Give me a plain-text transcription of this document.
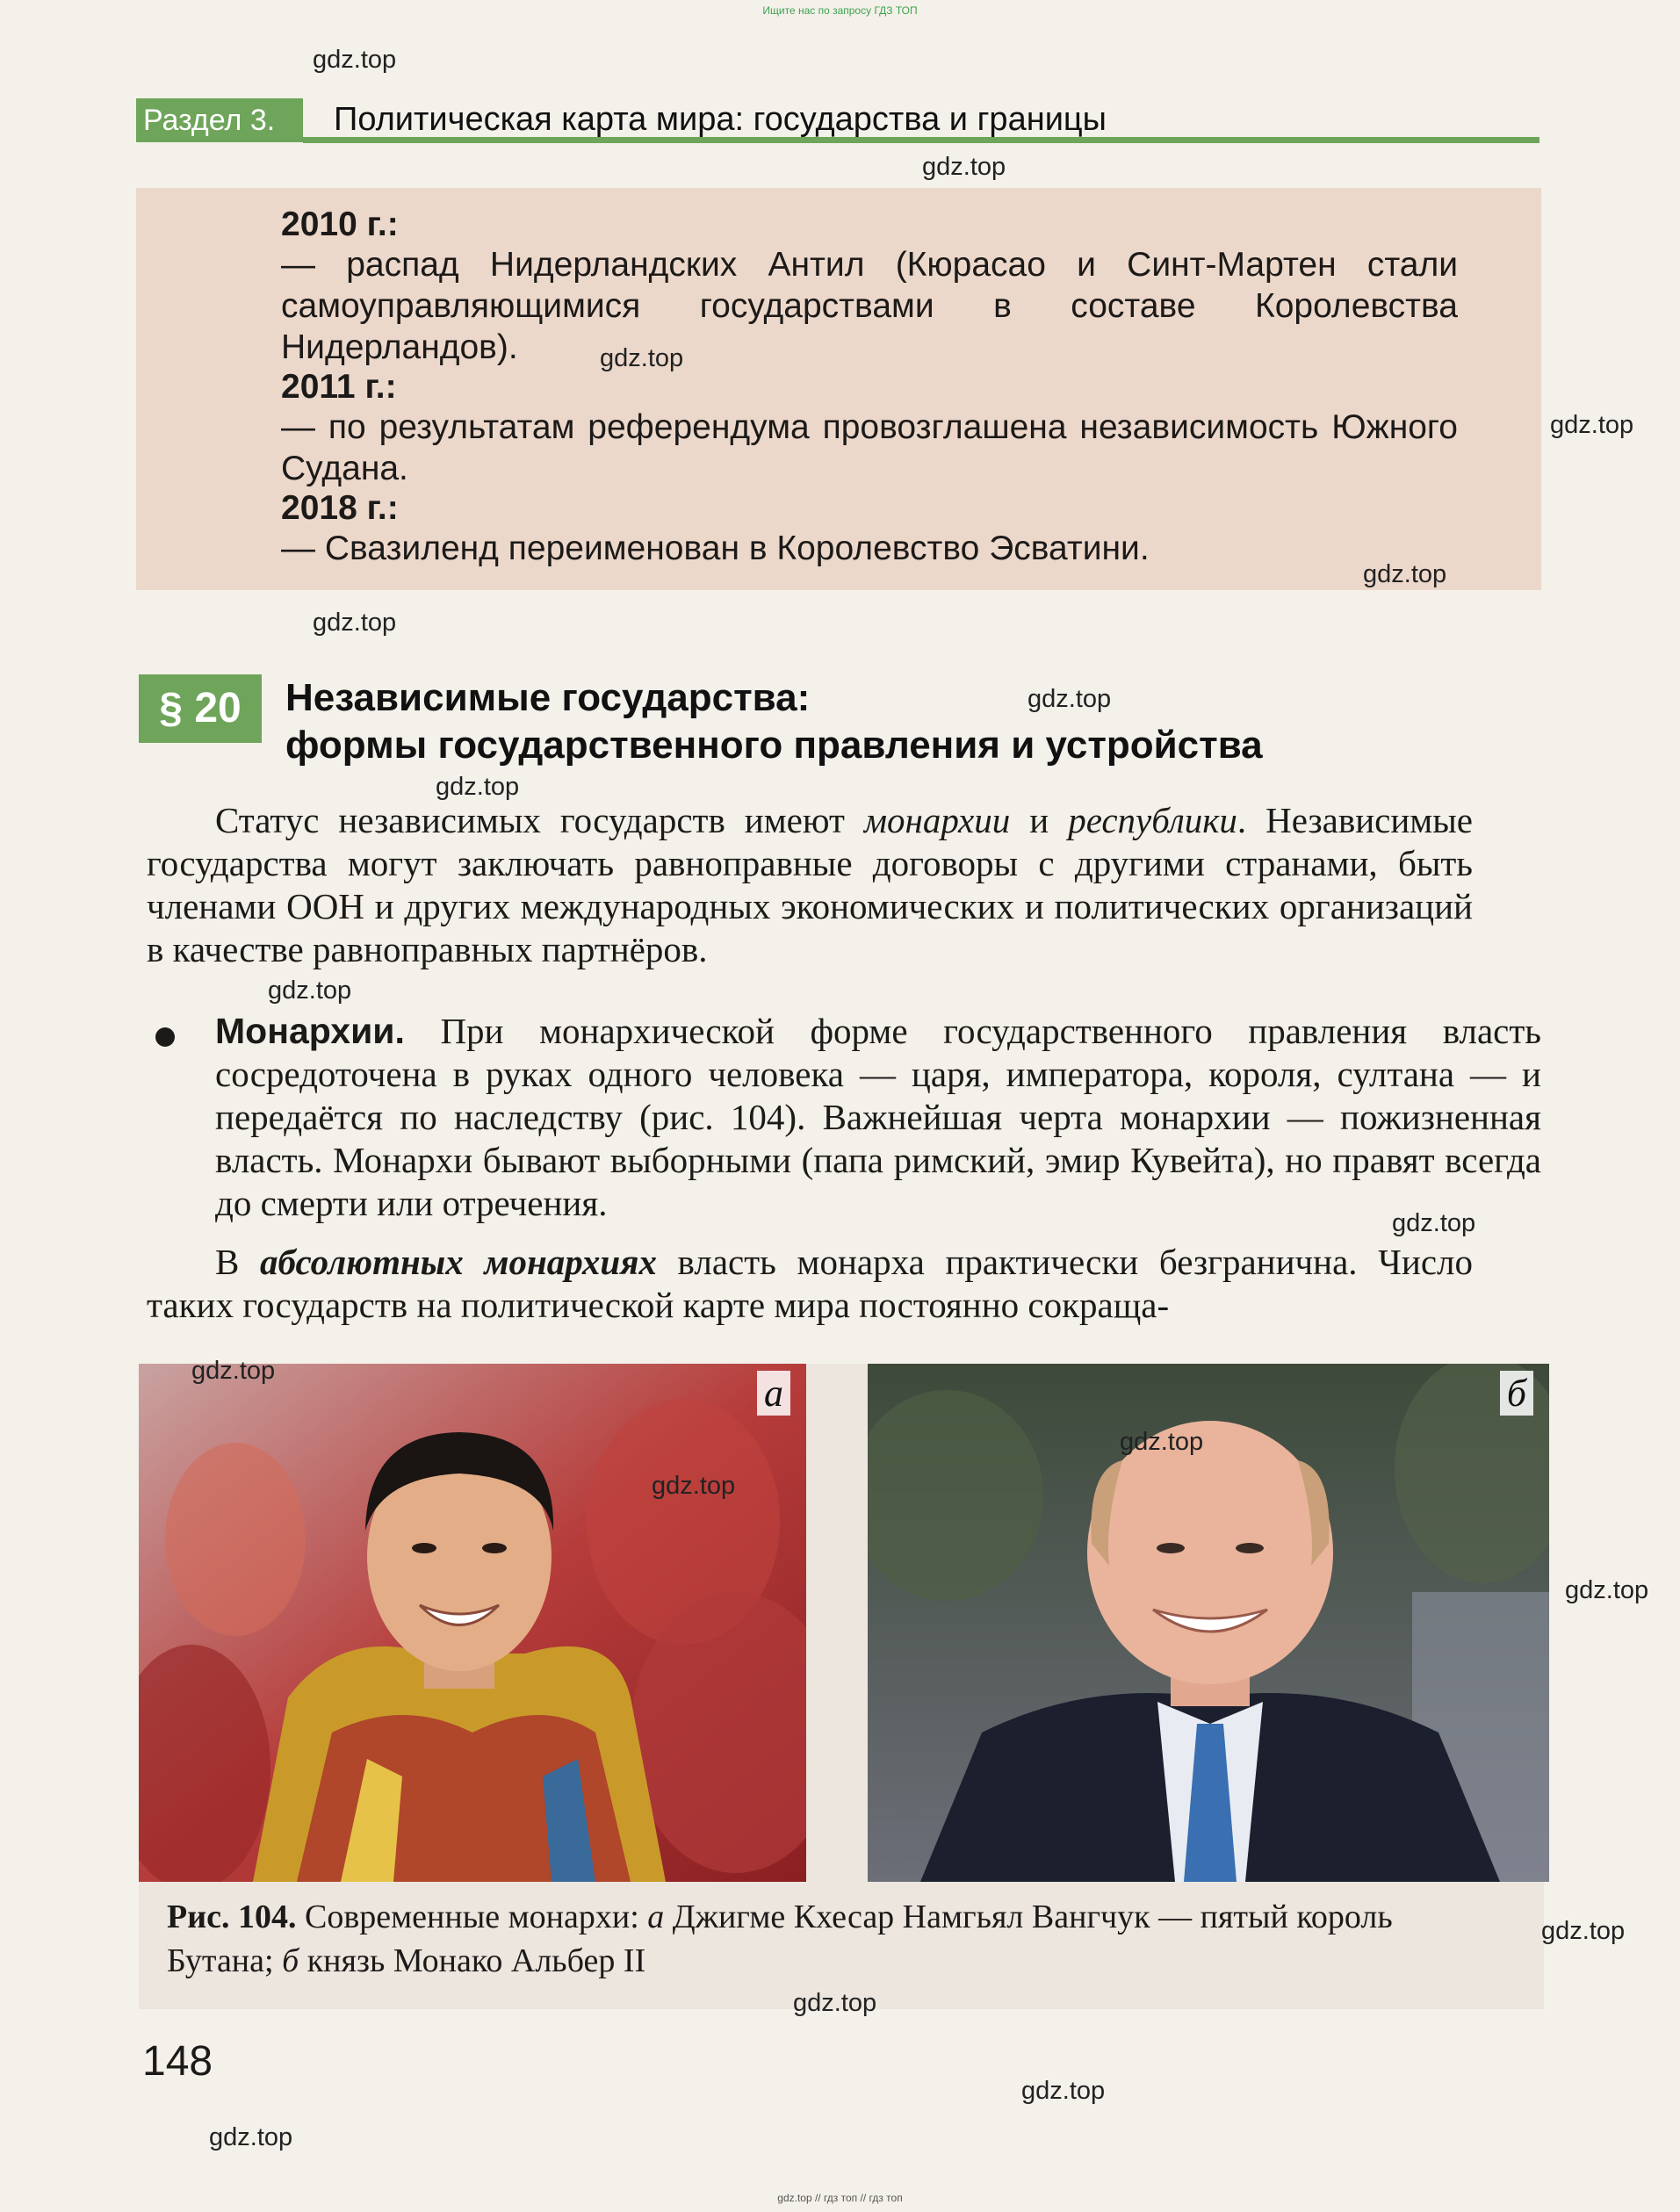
Ищите нас по запросу ГДЗ ТОП
Раздел 3.	Политическая карта мира: государства и границы
2010 г.:
— распад Нидерландских Антил (Кюрасао и Синт-Мартен стали самоуправляющимися государствами в составе Королевства Нидерландов).
2011 г.:
— по результатам референдума провозглашена независимость Южного Судана.
2018 г.:
— Свазиленд переименован в Королевство Эсватини.
§ 20	Независимые государства:
формы государственного правления и устройства
Статус независимых государств имеют монархии и республики. Независимые государства могут заключать равноправные договоры с другими странами, быть членами ООН и других международных экономических и политических организаций в качестве равноправных партнёров.
Монархии. При монархической форме государственного правления власть сосредоточена в руках одного человека — царя, императора, короля, султана — и передаётся по наследству (рис. 104). Важнейшая черта монархии — пожизненная власть. Монархи бывают выборными (папа римский, эмир Кувейта), но правят всегда до смерти или отречения.
В абсолютных монархиях власть монарха практически безгранична. Число таких государств на политической карте мира постоянно сокраща-
а	б
Рис. 104. Современные монархи: а Джигме Кхесар Намгьял Вангчук — пятый король Бутана; б князь Монако Альбер II
148
gdz.top
gdz.top
gdz.top
gdz.top
gdz.top
gdz.top
gdz.top
gdz.top
gdz.top
gdz.top
gdz.top
gdz.top
gdz.top
gdz.top
gdz.top
gdz.top
gdz.top
gdz.top
gdz.top // гдз топ // гдз топ
